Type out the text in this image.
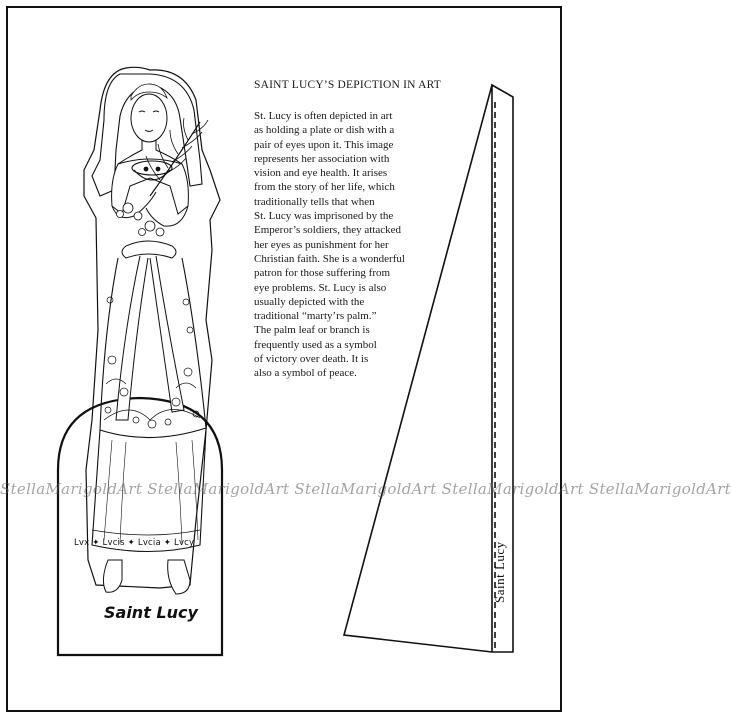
SAINT LUCY’S DEPICTION IN ART
St. Lucy is often depicted in art
as holding a plate or dish with a
pair of eyes upon it. This image
represents her association with
vision and eye health. It arises
from the story of her life, which
traditionally tells that when
St. Lucy was imprisoned by the
Emperor’s soldiers, they attacked
her eyes as punishment for her
Christian faith. She is a wonderful
patron for those suffering from
eye problems. St. Lucy is also
usually depicted with the
traditional “marty’rs palm.”
The palm leaf or branch is
frequently used as a symbol
of victory over death. It is
also a symbol of peace.
StellaMarigoldArt StellaMarigoldArt StellaMarigoldArt StellaMarigoldArt StellaMarigoldArt
Lvx ✦ Lvcis ✦ Lvcia ✦ Lvcy
Saint Lucy
Saint Lucy
